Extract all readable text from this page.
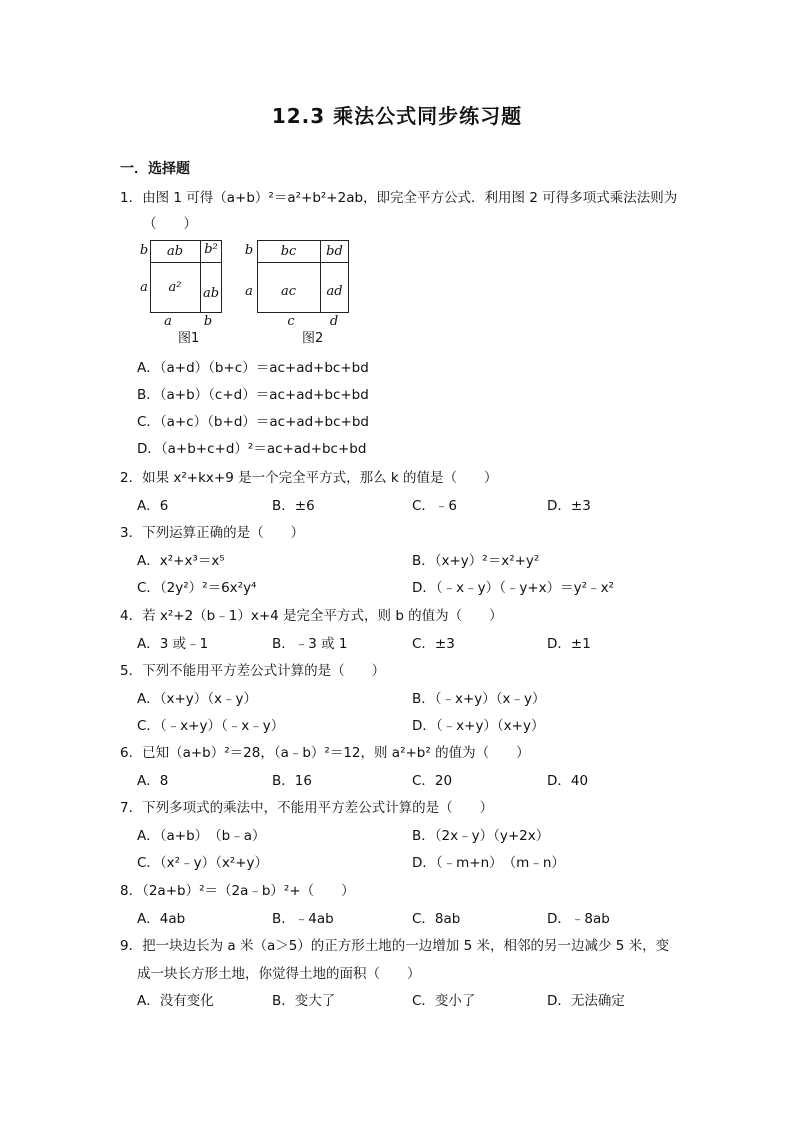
12.3 乘法公式同步练习题
一．选择题
1．由图 1 可得（a+b）²＝a²+b²+2ab，即完全平方公式．利用图 2 可得多项式乘法法则为
（　　）
ab	b²
a²	ab
b
a
a	b
图1
bc	bd
ac	ad
b
a
c	d
图2
A．（a+d）（b+c）＝ac+ad+bc+bd
B．（a+b）（c+d）＝ac+ad+bc+bd
C．（a+c）（b+d）＝ac+ad+bc+bd
D．（a+b+c+d）²＝ac+ad+bc+bd
2．如果 x²+kx+9 是一个完全平方式，那么 k 的值是（　　）
A．6	B．±6	C．﹣6	D．±3
3．下列运算正确的是（　　）
A．x²+x³＝x⁵	B．（x+y）²＝x²+y²
C．（2y²）²＝6x²y⁴	D．（﹣x﹣y）（﹣y+x）＝y²﹣x²
4．若 x²+2（b﹣1）x+4 是完全平方式，则 b 的值为（　　）
A．3 或﹣1	B．﹣3 或 1	C．±3	D．±1
5．下列不能用平方差公式计算的是（　　）
A．（x+y）（x﹣y）	B．（﹣x+y）（x﹣y）
C．（﹣x+y）（﹣x﹣y）	D．（﹣x+y）（x+y）
6．已知（a+b）²＝28，（a﹣b）²＝12，则 a²+b² 的值为（　　）
A．8	B．16	C．20	D．40
7．下列多项式的乘法中，不能用平方差公式计算的是（　　）
A．（a+b）　（b﹣a）	B．（2x﹣y）（y+2x）
C．（x²﹣y）（x²+y）	D．（﹣m+n）　（m﹣n）
8．（2a+b）²＝（2a﹣b）²+（　　）
A．4ab	B．﹣4ab	C．8ab	D．﹣8ab
9．把一块边长为 a 米（a＞5）的正方形土地的一边增加 5 米，相邻的另一边减少 5 米，变
成一块长方形土地，你觉得土地的面积（　　）
A．没有变化	B．变大了	C．变小了	D．无法确定
